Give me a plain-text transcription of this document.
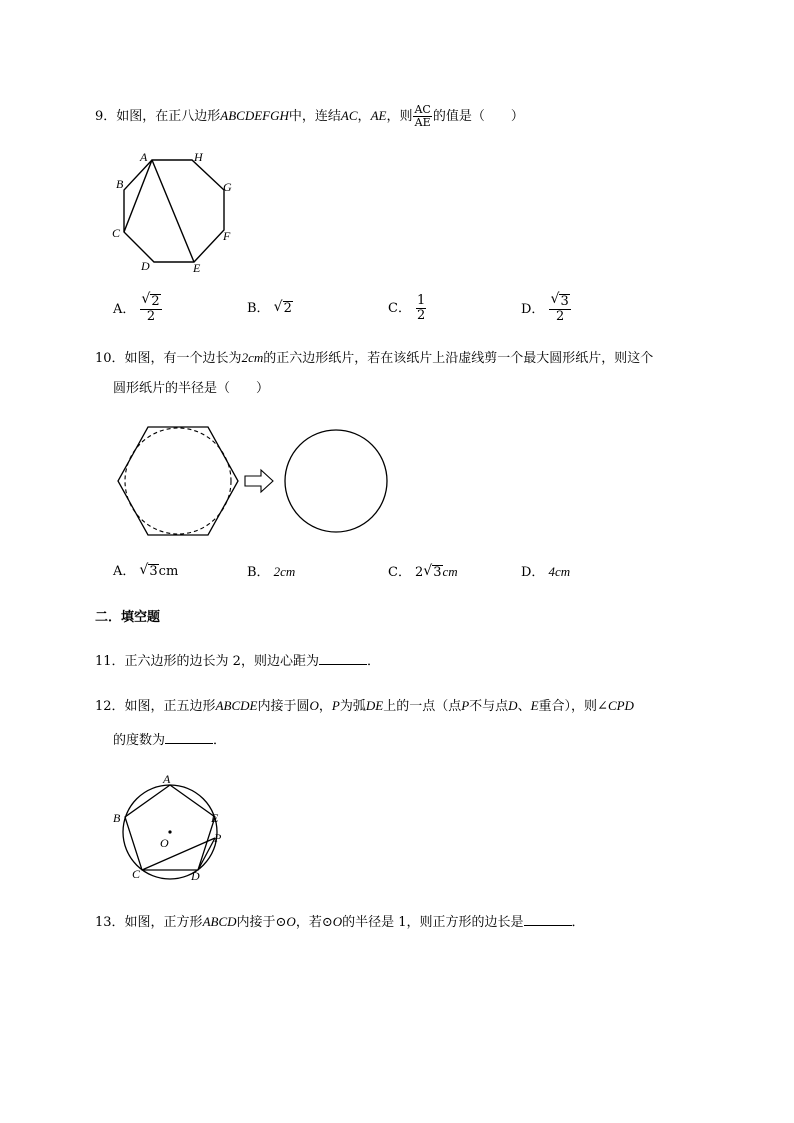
9．如图，在正八边形ABCDEFGH中，连结AC，AE，则 $\frac{AC}{AE}$ 的值是（　　）
A
B
C
D	E
F
G
H
A． $\frac{√ 2}{2}$	B． √ 2	C． $\frac{1}{2}$	D． $\frac{√ 3}{2}$
10．如图，有一个边长为2cm的正六边形纸片，若在该纸片上沿虚线剪一个最大圆形纸片，则这个
圆形纸片的半径是（　　）
A． √ 3cm	B． 2cm	C． 2 √ 3cm	D． 4cm
二．填空题
11．正六边形的边长为 2，则边心距为	．
12．如图，正五边形ABCDE内接于圆O，P为弧DE上的一点（点P不与点D、E重合），则∠CPD
的度数为	．
A
B
C	D
E
P
O
13．如图，正方形ABCD内接于⊙O，若⊙O的半径是 1，则正方形的边长是	．
